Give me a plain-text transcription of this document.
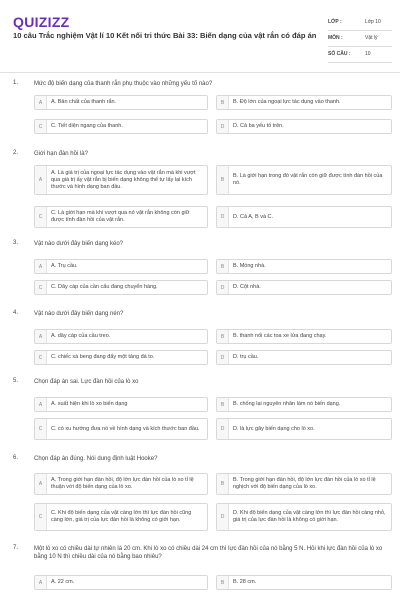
QUIZIZZ
10 câu Trắc nghiệm Vật lí 10 Kết nối tri thức Bài 33: Biến dạng của vật rắn có đáp án
LỚP :	Lớp 10
MÔN :	Vật lý
SỐ CÂU :	10
1.	Mức độ biến dạng của thanh rắn phụ thuộc vào những yếu tố nào?
A	A. Bản chất của thanh rắn.	B	B. Độ lớn của ngoại lực tác dụng vào thanh.
C	C. Tiết diện ngang của thanh.	D	D. Cả ba yếu tố trên.
2.	Giới hạn đàn hồi là?
A
A. Là giá trị của ngoại lực tác dụng vào vật rắn mà khi vượt qua giá trị ấy vật rắn bị biến dạng không thể tự lấy lại kích thước và hình dạng ban đầu.
B
B. Là giới hạn trong đó vật rắn còn giữ được tính đàn hồi của nó.
C
C. Là giới hạn mà khi vượt qua nó vật rắn không còn giữ được tính đàn hồi của vật rắn.	D	D. Cả A, B và C.
3.	Vật nào dưới đây biến dạng kéo?
A	A. Trụ cầu.	B	B. Móng nhà.
C	C. Dây cáp của cần cẩu đang chuyển hàng.	D	D. Cột nhà.
4.	Vật nào dưới đây biến dạng nén?
A	A. dây cáp của cầu treo.	B	B. thanh nối các toa xe lửa đang chạy.
C	C. chiếc xà beng đang đẩy một tảng đá to.	D	D. trụ cầu.
5.	Chọn đáp án sai. Lực đàn hồi của lò xo
A	A. xuất hiện khi lò xo biến dạng	B	B. chống lại nguyên nhân làm nó biến dạng.
C	C. có xu hướng đưa nó về hình dạng và kích thước ban đầu.	D	D. là lực gây biến dạng cho lò xo.
6.	Chọn đáp án đúng. Nói dung định luật Hooke?
A
A. Trong giới hạn đàn hồi, độ lớn lực đàn hồi của lò xo tỉ lệ thuận với độ biến dạng của lò xo.	B
B. Trong giới hạn đàn hồi, độ lớn lực đàn hồi của lò xo tỉ lệ nghịch với độ biến dạng của lò xo.
C
C. Khi độ biến dạng của vật càng lớn thì lực đàn hồi cũng càng lớn, giá trị của lực đàn hồi là không có giới hạn.	D
D. Khi độ biến dạng của vật càng lớn thì lực đàn hồi càng nhỏ, giá trị của lực đàn hồi là không có giới hạn.
7.	Một lò xo có chiều dài tự nhiên là 20 cm. Khi lò xo có chiều dài 24 cm thì lực đàn hồi của nó bằng 5 N. Hỏi khi lực đàn hồi của lò xo bằng 10 N thì chiều dài của nó bằng bao nhiêu?
A	A. 22 cm.	B	B. 28 cm.
